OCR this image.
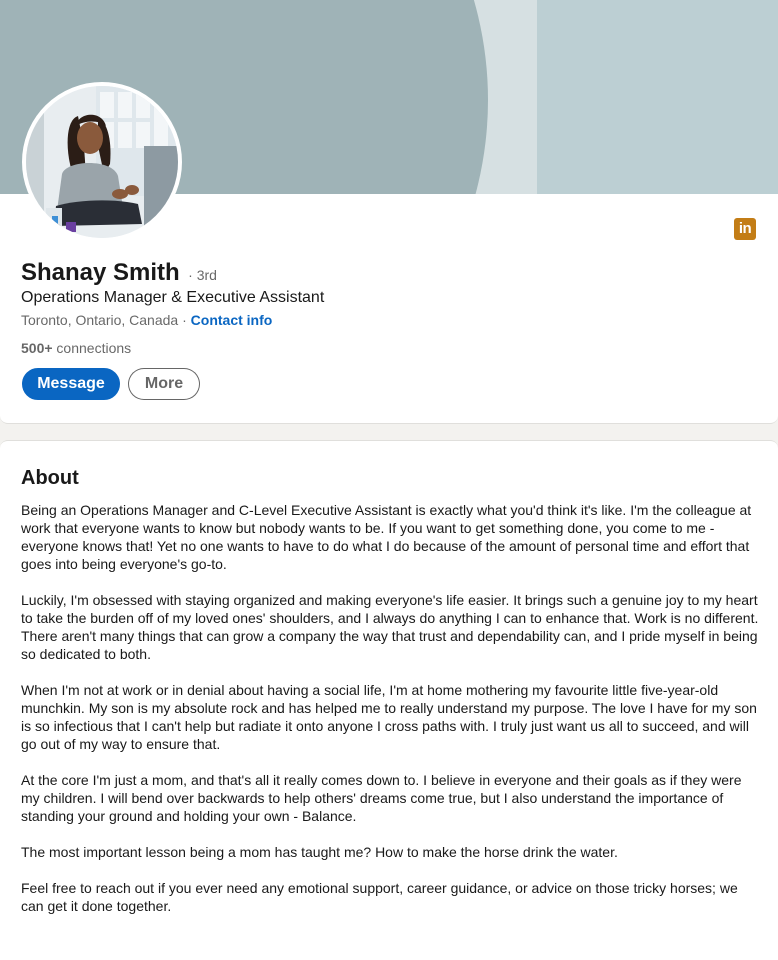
in
Shanay Smith · 3rd
Operations Manager & Executive Assistant
Toronto, Ontario, Canada · Contact info
500+ connections
Message	More
About

Being an Operations Manager and C-Level Executive Assistant is exactly what you'd think it's like. I'm the colleague at work that everyone wants to know but nobody wants to be. If you want to get something done, you come to me - everyone knows that! Yet no one wants to have to do what I do because of the amount of personal time and effort that goes into being everyone's go-to.

Luckily, I'm obsessed with staying organized and making everyone's life easier. It brings such a genuine joy to my heart to take the burden off of my loved ones' shoulders, and I always do anything I can to enhance that. Work is no different. There aren't many things that can grow a company the way that trust and dependability can, and I pride myself in being so dedicated to both.

When I'm not at work or in denial about having a social life, I'm at home mothering my favourite little five-year-old munchkin. My son is my absolute rock and has helped me to really understand my purpose. The love I have for my son is so infectious that I can't help but radiate it onto anyone I cross paths with. I truly just want us all to succeed, and will go out of my way to ensure that.

At the core I'm just a mom, and that's all it really comes down to. I believe in everyone and their goals as if they were my children. I will bend over backwards to help others' dreams come true, but I also understand the importance of standing your ground and holding your own - Balance.

The most important lesson being a mom has taught me? How to make the horse drink the water.

Feel free to reach out if you ever need any emotional support, career guidance, or advice on those tricky horses; we can get it done together.
